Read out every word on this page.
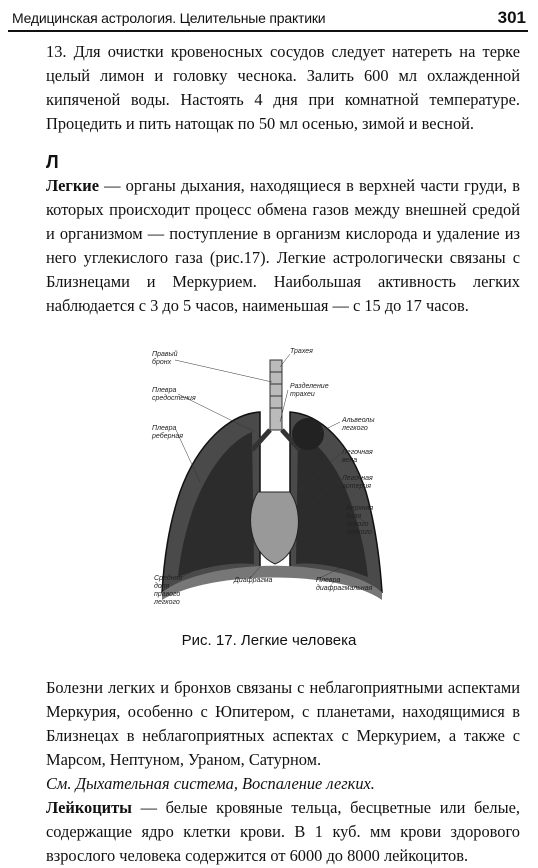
Медицинская астрология. Целительные практики	301

13. Для очистки кровеносных сосудов следует натереть на терке целый лимон и головку чеснока. Залить 600 мл охлажденной кипяченой воды. Настоять 4 дня при комнатной температуре. Процедить и пить натощак по 50 мл осенью, зимой и весной.

Л

Легкие — органы дыхания, находящиеся в верхней части груди, в которых происходит процесс обмена газов между внешней средой и организмом — поступление в организм кислорода и удаление из него углекислого газа (рис.17). Легкие астрологически связаны с Близнецами и Меркурием. Наибольшая активность легких наблюдается с 3 до 5 часов, наименьшая — с 15 до 17 часов.

Правый бронх
Трахея
Плевра средостения
Разделение трахеи
Плевра реберная
Альвеолы легкого
Легочная вена
Легочная артерия
Верхняя доля левого легкого
Средняя доля правого легкого
Диафрагма	Плевра диафрагмальная
Рис. 17. Легкие человека

Болезни легких и бронхов связаны с неблагоприятными аспектами Меркурия, особенно с Юпитером, с планетами, находящимися в Близнецах в неблагоприятных аспектах с Меркурием, а также с Марсом, Нептуном, Ураном, Сатурном.

См. Дыхательная система, Воспаление легких.

Лейкоциты — белые кровяные тельца, бесцветные или белые, содержащие ядро клетки крови. В 1 куб. мм крови здорового взрослого человека содержится от 6000 до 8000 лейкоцитов.
